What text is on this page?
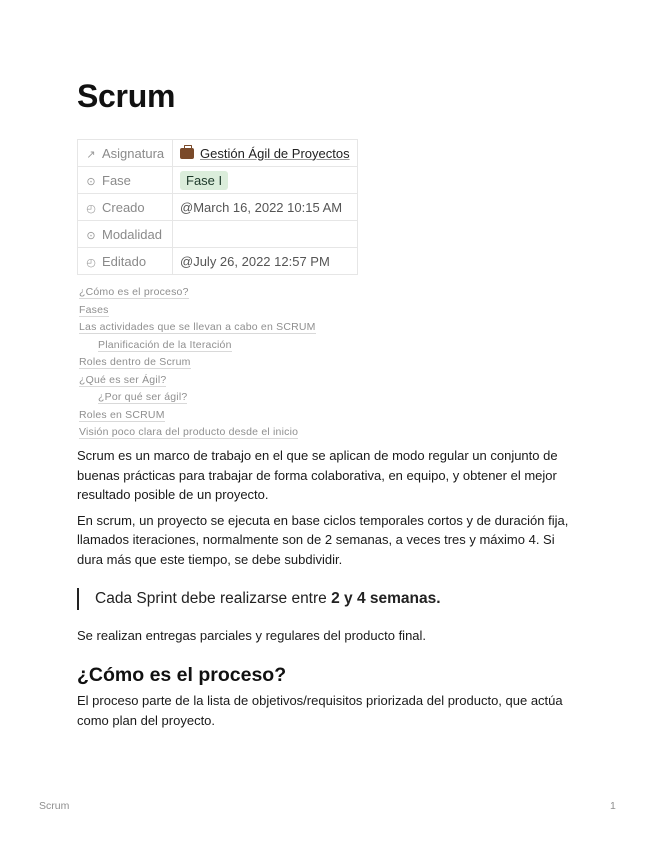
Scrum
↗ Asignatura	Gestión Ágil de Proyectos
⊙ Fase	Fase I
◴ Creado	@March 16, 2022 10:15 AM
⊙ Modalidad	
◴ Editado	@July 26, 2022 12:57 PM
¿Cómo es el proceso?
Fases
Las actividades que se llevan a cabo en SCRUM
Planificación de la Iteración
Roles dentro de Scrum
¿Qué es ser Ágil?
¿Por qué ser ágil?
Roles en SCRUM
Visión poco clara del producto desde el inicio

Scrum es un marco de trabajo en el que se aplican de modo regular un conjunto de buenas prácticas para trabajar de forma colaborativa, en equipo, y obtener el mejor resultado posible de un proyecto.

En scrum, un proyecto se ejecuta en base ciclos temporales cortos y de duración fija, llamados iteraciones, normalmente son de 2 semanas, a veces tres y máximo 4. Si dura más que este tiempo, se debe subdividir.

Cada Sprint debe realizarse entre 2 y 4 semanas.

Se realizan entregas parciales y regulares del producto final.

¿Cómo es el proceso?

El proceso parte de la lista de objetivos/requisitos priorizada del producto, que actúa como plan del proyecto.

Scrum	1
